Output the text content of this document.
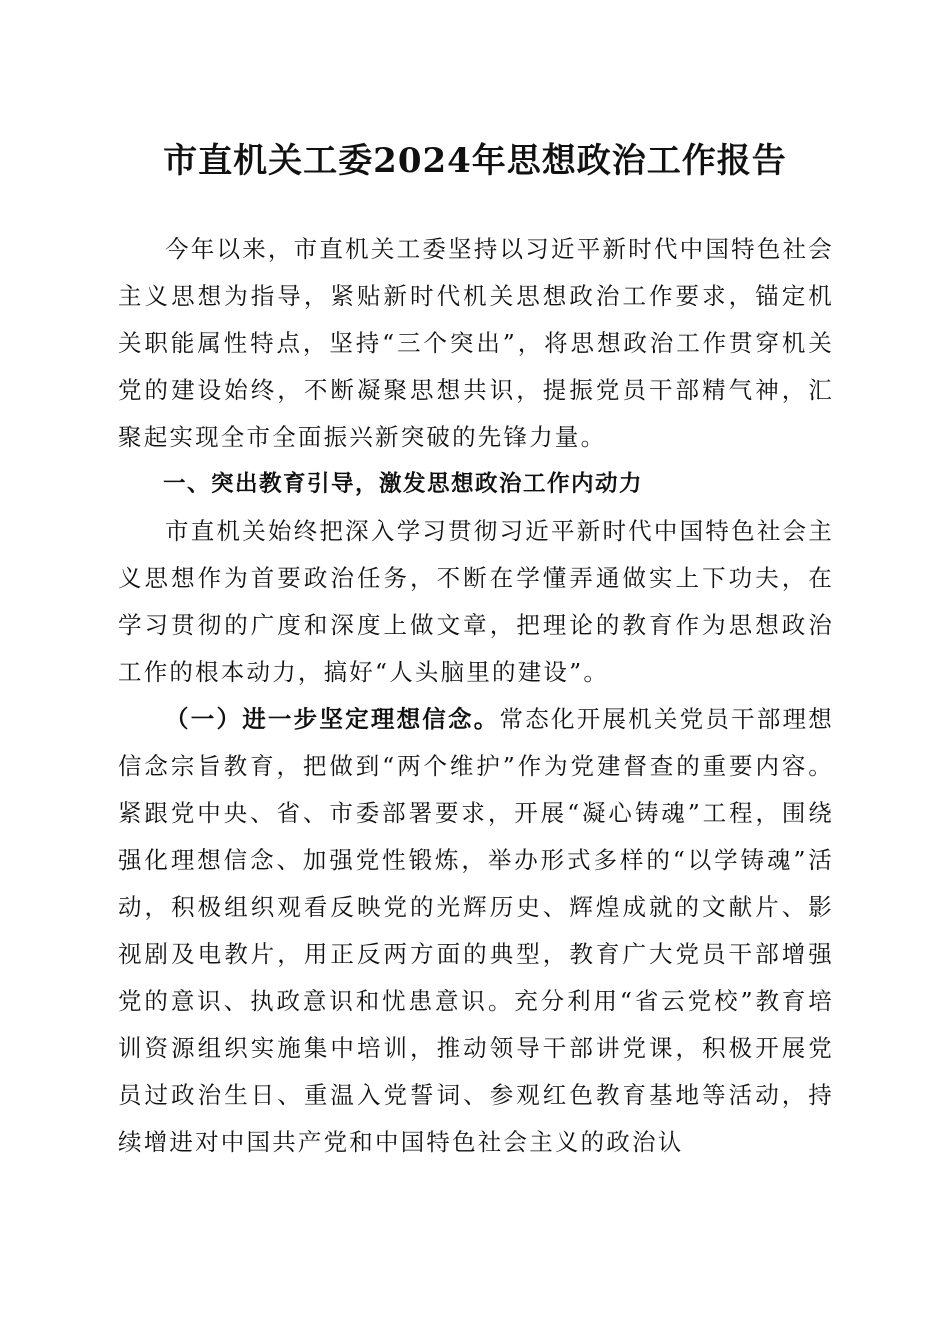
市直机关工委2024年思想政治工作报告

今年以来，市直机关工委坚持以习近平新时代中国特色社会主义思想为指导，紧贴新时代机关思想政治工作要求，锚定机关职能属性特点，坚持“三个突出”，将思想政治工作贯穿机关党的建设始终，不断凝聚思想共识，提振党员干部精气神，汇聚起实现全市全面振兴新突破的先锋力量。

一、突出教育引导，激发思想政治工作内动力

市直机关始终把深入学习贯彻习近平新时代中国特色社会主义思想作为首要政治任务，不断在学懂弄通做实上下功夫，在学习贯彻的广度和深度上做文章，把理论的教育作为思想政治工作的根本动力，搞好“人头脑里的建设”。

（一）进一步坚定理想信念。常态化开展机关党员干部理想信念宗旨教育，把做到“两个维护”作为党建督查的重要内容。紧跟党中央、省、市委部署要求，开展“凝心铸魂”工程，围绕强化理想信念、加强党性锻炼，举办形式多样的“以学铸魂”活动，积极组织观看反映党的光辉历史、辉煌成就的文献片、影视剧及电教片，用正反两方面的典型，教育广大党员干部增强党的意识、执政意识和忧患意识。充分利用“省云党校”教育培训资源组织实施集中培训，推动领导干部讲党课，积极开展党员过政治生日、重温入党誓词、参观红色教育基地等活动，持续增进对中国共产党和中国特色社会主义的政治认
